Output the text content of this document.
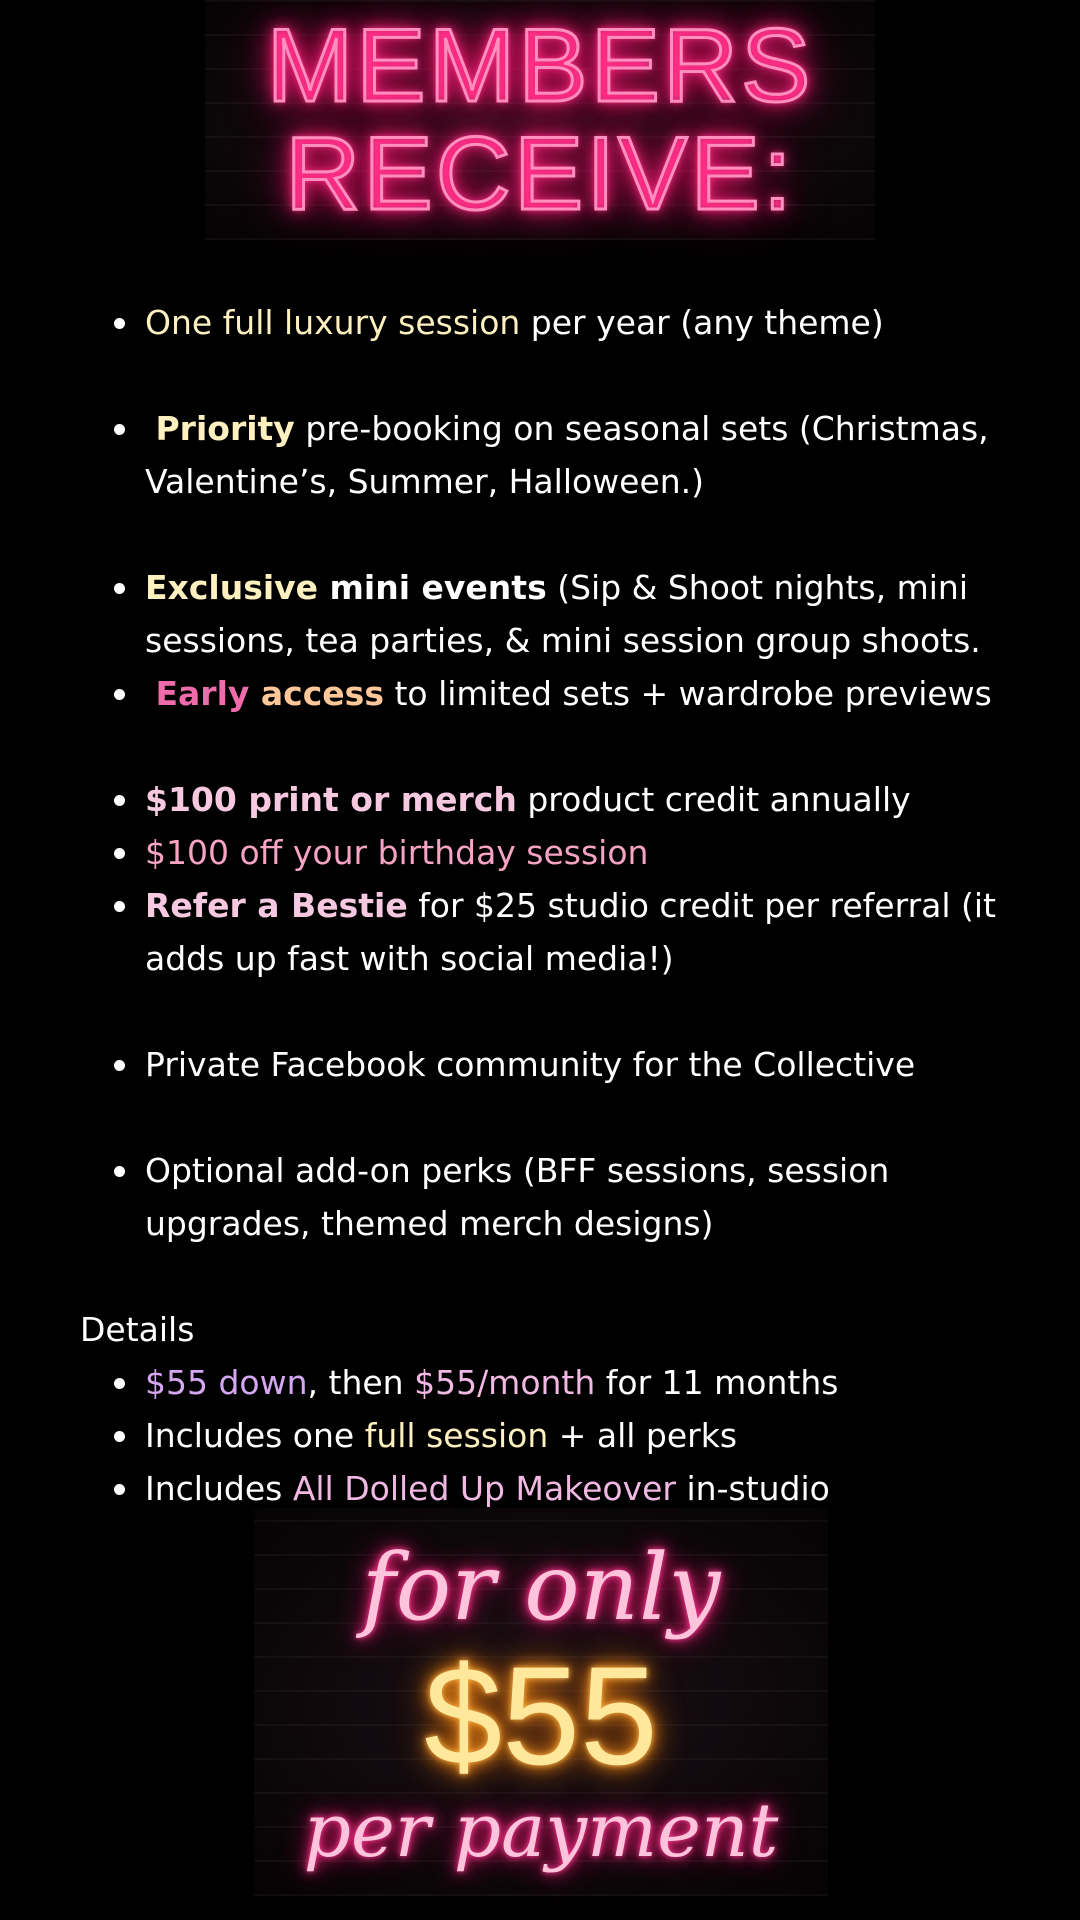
MEMBERS
RECEIVE:
One full luxury session per year (any theme)
Priority pre-booking on seasonal sets (Christmas, Valentine’s, Summer, Halloween.)
Exclusive mini events (Sip & Shoot nights, mini sessions, tea parties, & mini session group shoots.
Early access to limited sets + wardrobe previews
$100 print or merch product credit annually
$100 off your birthday session
Refer a Bestie for $25 studio credit per referral (it adds up fast with social media!)
Private Facebook community for the Collective
Optional add-on perks (BFF sessions, session upgrades, themed merch designs)
Details
$55 down, then $55/month for 11 months
Includes one full session + all perks
Includes All Dolled Up Makeover in-studio
for only
$55
per payment
